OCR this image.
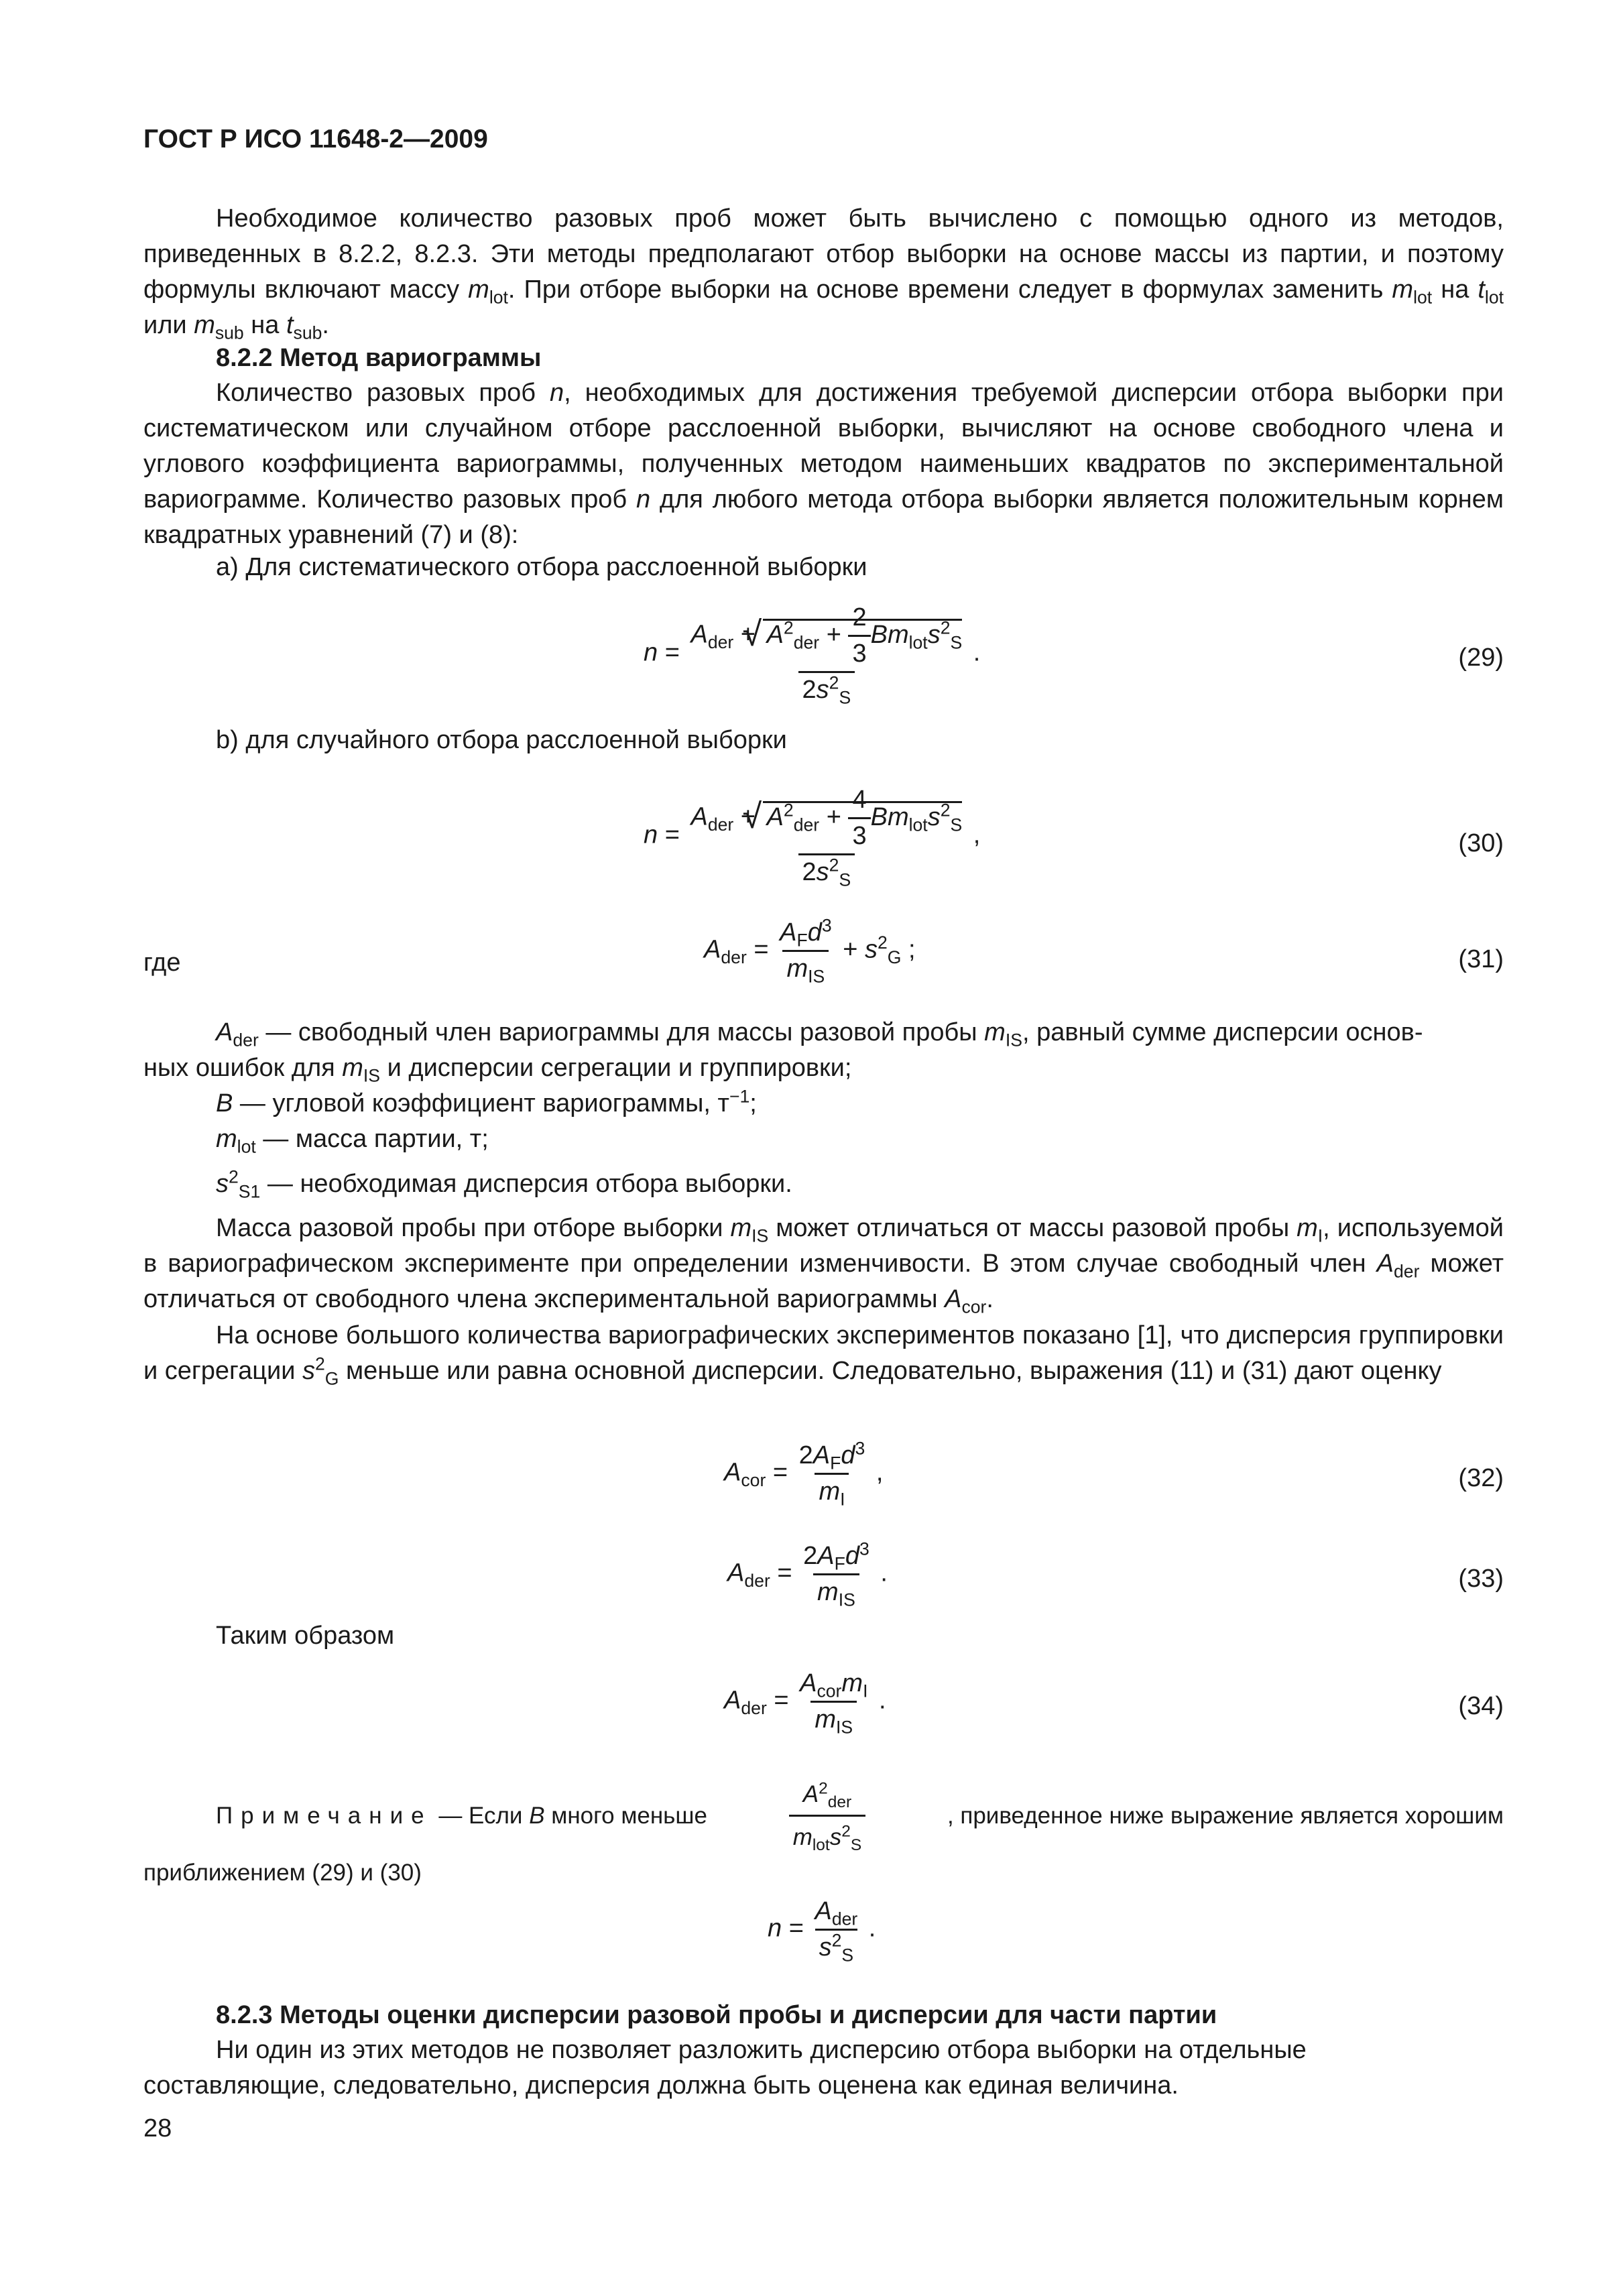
ГОСТ Р ИСО 11648-2—2009
Необходимое количество разовых проб может быть вычислено с помощью одного из методов, приведенных в 8.2.2, 8.2.3. Эти методы предполагают отбор выборки на основе массы из партии, и поэтому формулы включают массу $m_{lot}$. При отборе выборки на основе времени следует в формулах заменить $m_{lot}$ на $t_{lot}$ или $m_{sub}$ на $t_{sub}$.
8.2.2 Метод вариограммы
Количество разовых проб n, необходимых для достижения требуемой дисперсии отбора выборки при систематическом или случайном отборе расслоенной выборки, вычисляют на основе свободного члена и углового коэффициента вариограммы, полученных методом наименьших квадратов по экспериментальной вариограмме. Количество разовых проб n для любого метода отбора выборки является положительным корнем квадратных уравнений (7) и (8):
а) Для систематического отбора расслоенной выборки
$n = \frac{A_{der} + √ A^2_{der} + \frac{2}{3} Bm_{lot}s^2_S}{2s^2_S}$ .	(29)
b) для случайного отбора расслоенной выборки
$n = \frac{A_{der} + √ A^2_{der} + \frac{4}{3} Bm_{lot}s^2_S}{2s^2_S}$ ,	(30)
где	$A_{der} = \frac{A_Fd^3}{m_{IS}} + s^2_G$ ;	(31)
$A_{der}$ — свободный член вариограммы для массы разовой пробы $m_{IS}$, равный сумме дисперсии основ-
ных ошибок для $m_{IS}$ и дисперсии сегрегации и группировки;
B — угловой коэффициент вариограммы, $т^{-1}$;
$m_{lot}$ — масса партии, т;
$s^2_{S1}$ — необходимая дисперсия отбора выборки.
Масса разовой пробы при отборе выборки $m_{IS}$ может отличаться от массы разовой пробы $m_I$, используемой в вариографическом эксперименте при определении изменчивости. В этом случае свободный член $A_{der}$ может отличаться от свободного члена экспериментальной вариограммы $A_{cor}$.
На основе большого количества вариографических экспериментов показано [1], что дисперсия группировки и сегрегации $s^2_G$ меньше или равна основной дисперсии. Следовательно, выражения (11) и (31) дают оценку
$A_{cor} = \frac{2A_Fd^3}{m_I}$ ,	(32)
$A_{der} = \frac{2A_Fd^3}{m_{IS}}$ .	(33)
Таким образом
$A_{der} = \frac{A_{cor}m_I}{m_{IS}}$ .	(34)
Примечание — Если B много меньше	$\frac{A^2_{der}}{m_{lot}s^2_S}$	, приведенное ниже выражение является хорошим
приближением (29) и (30)
$n = \frac{A_{der}}{s^2_S}$ .
8.2.3 Методы оценки дисперсии разовой пробы и дисперсии для части партии
Ни один из этих методов не позволяет разложить дисперсию отбора выборки на отдельные
составляющие, следовательно, дисперсия должна быть оценена как единая величина.
28
